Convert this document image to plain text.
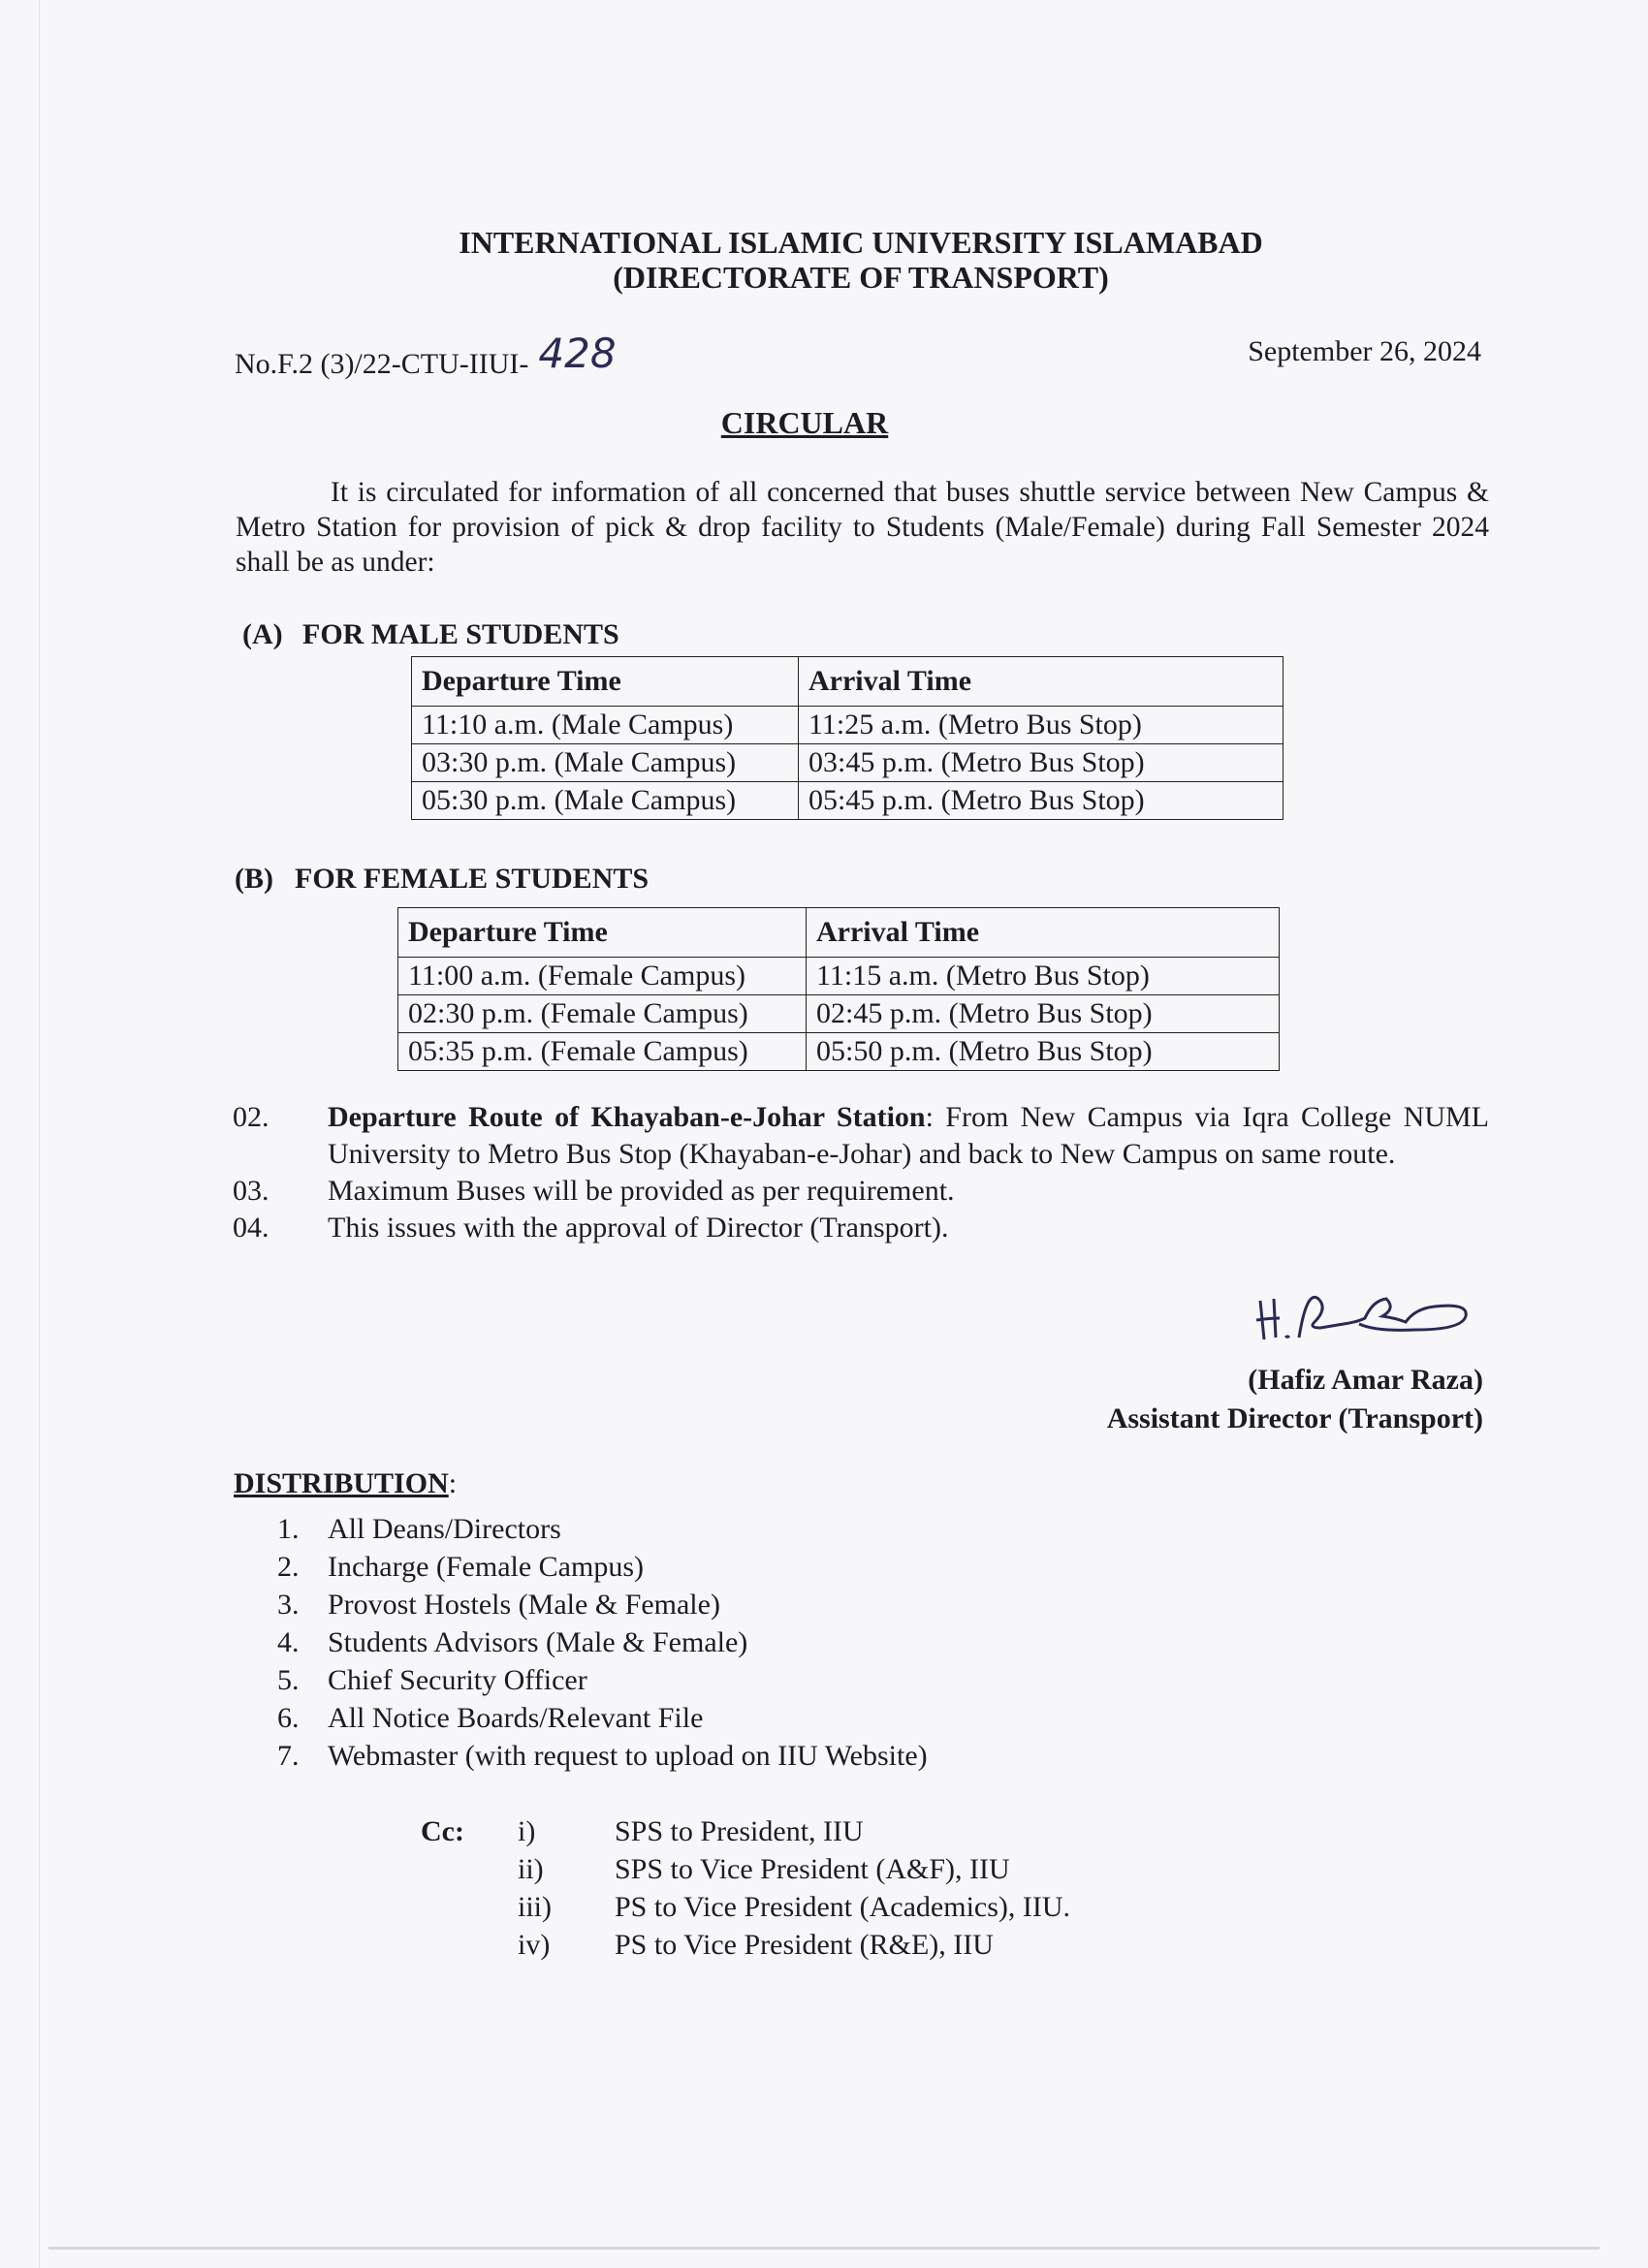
INTERNATIONAL ISLAMIC UNIVERSITY ISLAMABAD
(DIRECTORATE OF TRANSPORT)
No.F.2 (3)/22-CTU-IIUI- 428	September 26, 2024
CIRCULAR
It is circulated for information of all concerned that buses shuttle service between New Campus & Metro Station for provision of pick & drop facility to Students (Male/Female) during Fall Semester 2024 shall be as under:
(A) FOR MALE STUDENTS
Departure Time	Arrival Time
11:10 a.m. (Male Campus)	11:25 a.m. (Metro Bus Stop)
03:30 p.m. (Male Campus)	03:45 p.m. (Metro Bus Stop)
05:30 p.m. (Male Campus)	05:45 p.m. (Metro Bus Stop)
(B) FOR FEMALE STUDENTS
Departure Time	Arrival Time
11:00 a.m. (Female Campus)	11:15 a.m. (Metro Bus Stop)
02:30 p.m. (Female Campus)	02:45 p.m. (Metro Bus Stop)
05:35 p.m. (Female Campus)	05:50 p.m. (Metro Bus Stop)
02.	Departure Route of Khayaban-e-Johar Station: From New Campus via Iqra College NUML University to Metro Bus Stop (Khayaban-e-Johar) and back to New Campus on same route.
03.	Maximum Buses will be provided as per requirement.
04.	This issues with the approval of Director (Transport).
(Hafiz Amar Raza)
Assistant Director (Transport)
DISTRIBUTION:
1. All Deans/Directors
2. Incharge (Female Campus)
3. Provost Hostels (Male & Female)
4. Students Advisors (Male & Female)
5. Chief Security Officer
6. All Notice Boards/Relevant File
7. Webmaster (with request to upload on IIU Website)
Cc:	i)	SPS to President, IIU
ii)	SPS to Vice President (A&F), IIU
iii)	PS to Vice President (Academics), IIU.
iv)	PS to Vice President (R&E), IIU
